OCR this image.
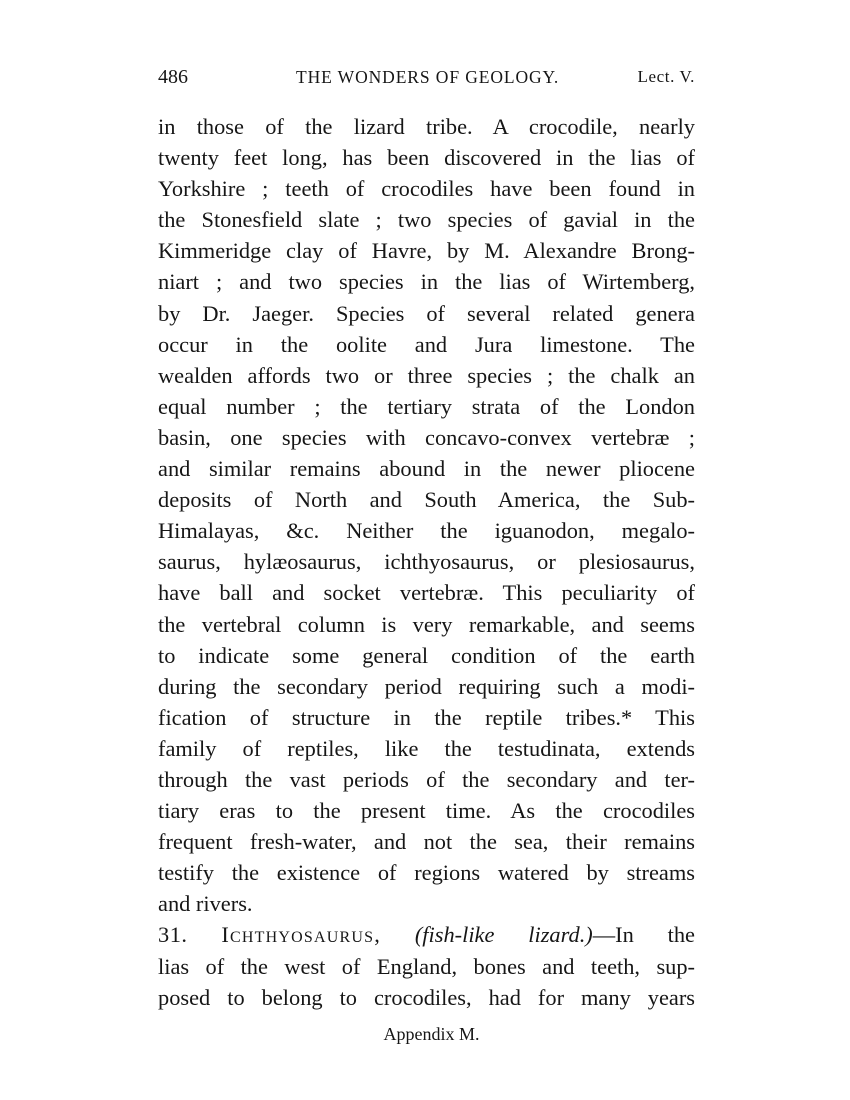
486	THE WONDERS OF GEOLOGY.	Lect. V.
in those of the lizard tribe. A crocodile, nearly
twenty feet long, has been discovered in the lias of
Yorkshire ; teeth of crocodiles have been found in
the Stonesfield slate ; two species of gavial in the
Kimmeridge clay of Havre, by M. Alexandre Brong-
niart ; and two species in the lias of Wirtemberg,
by Dr. Jaeger. Species of several related genera
occur in the oolite and Jura limestone. The
wealden affords two or three species ; the chalk an
equal number ; the tertiary strata of the London
basin, one species with concavo-convex vertebræ ;
and similar remains abound in the newer pliocene
deposits of North and South America, the Sub-
Himalayas, &c. Neither the iguanodon, megalo-
saurus, hylæosaurus, ichthyosaurus, or plesiosaurus,
have ball and socket vertebræ. This peculiarity of
the vertebral column is very remarkable, and seems
to indicate some general condition of the earth
during the secondary period requiring such a modi-
fication of structure in the reptile tribes.* This
family of reptiles, like the testudinata, extends
through the vast periods of the secondary and ter-
tiary eras to the present time. As the crocodiles
frequent fresh-water, and not the sea, their remains
testify the existence of regions watered by streams
and rivers.
31. Ichthyosaurus, (fish-like lizard.)—In the
lias of the west of England, bones and teeth, sup-
posed to belong to crocodiles, had for many years
Appendix M.
